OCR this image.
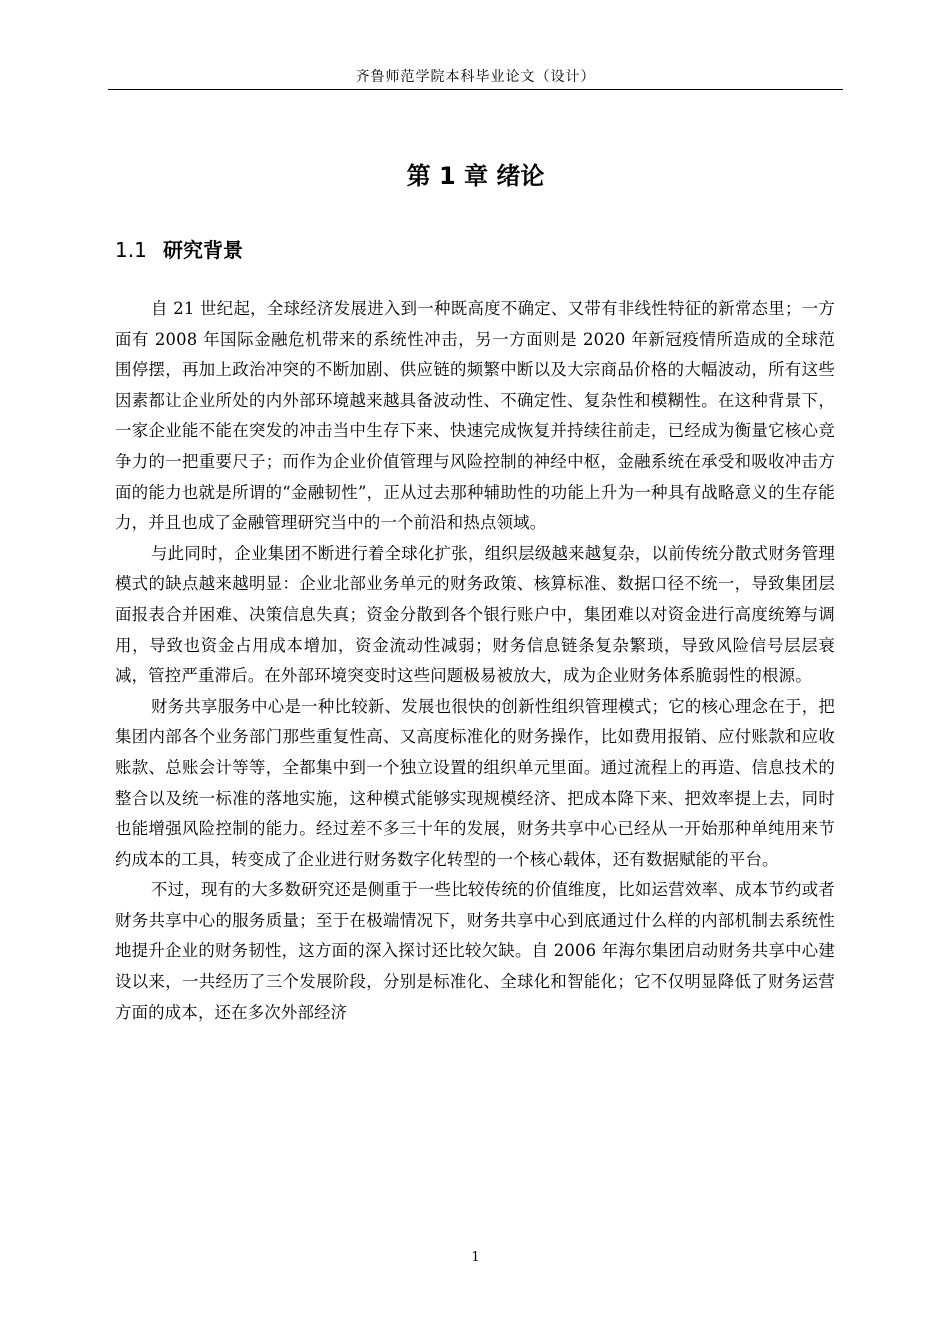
齐鲁师范学院本科毕业论文（设计）
第 1 章 绪论
1.1 研究背景

自 21 世纪起，全球经济发展进入到一种既高度不确定、又带有非线性特征的新常态里；一方面有 2008 年国际金融危机带来的系统性冲击，另一方面则是 2020 年新冠疫情所造成的全球范围停摆，再加上政治冲突的不断加剧、供应链的频繁中断以及大宗商品价格的大幅波动，所有这些因素都让企业所处的内外部环境越来越具备波动性、不确定性、复杂性和模糊性。在这种背景下，一家企业能不能在突发的冲击当中生存下来、快速完成恢复并持续往前走，已经成为衡量它核心竞争力的一把重要尺子；而作为企业价值管理与风险控制的神经中枢，金融系统在承受和吸收冲击方面的能力也就是所谓的“金融韧性”，正从过去那种辅助性的功能上升为一种具有战略意义的生存能力，并且也成了金融管理研究当中的一个前沿和热点领域。

与此同时，企业集团不断进行着全球化扩张，组织层级越来越复杂，以前传统分散式财务管理模式的缺点越来越明显：企业北部业务单元的财务政策、核算标准、数据口径不统一，导致集团层面报表合并困难、决策信息失真；资金分散到各个银行账户中，集团难以对资金进行高度统筹与调用，导致也资金占用成本增加，资金流动性减弱；财务信息链条复杂繁琐，导致风险信号层层衰减，管控严重滞后。在外部环境突变时这些问题极易被放大，成为企业财务体系脆弱性的根源。

财务共享服务中心是一种比较新、发展也很快的创新性组织管理模式；它的核心理念在于，把集团内部各个业务部门那些重复性高、又高度标准化的财务操作，比如费用报销、应付账款和应收账款、总账会计等等，全都集中到一个独立设置的组织单元里面。通过流程上的再造、信息技术的整合以及统一标准的落地实施，这种模式能够实现规模经济、把成本降下来、把效率提上去，同时也能增强风险控制的能力。经过差不多三十年的发展，财务共享中心已经从一开始那种单纯用来节约成本的工具，转变成了企业进行财务数字化转型的一个核心载体，还有数据赋能的平台。

不过，现有的大多数研究还是侧重于一些比较传统的价值维度，比如运营效率、成本节约或者财务共享中心的服务质量；至于在极端情况下，财务共享中心到底通过什么样的内部机制去系统性地提升企业的财务韧性，这方面的深入探讨还比较欠缺。自 2006 年海尔集团启动财务共享中心建设以来，一共经历了三个发展阶段，分别是标准化、全球化和智能化；它不仅明显降低了财务运营方面的成本，还在多次外部经济

1
